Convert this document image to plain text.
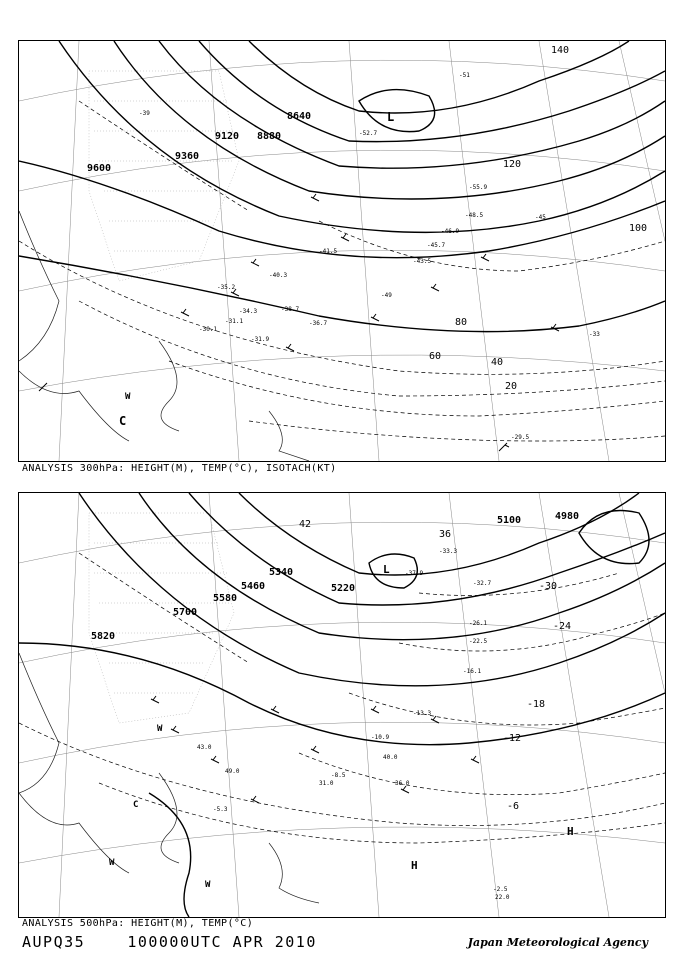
9600
9360
9120 8880
8640
20
40
60
80
100
120
140
-29.5
-30.1
-31.1
-31.9
-33
-34.3
-35.2
-36.7
-38.7
-39
-40.3
-41.5
-43.5
-45
-45.7
-46.9
-48.5
-49
-51
-52.7
-55.9
L
C
W
ANALYSIS 300hPa: HEIGHT(M), TEMP(°C), ISOTACH(KT)
5820
5700
5580
5460
5340
5220
5100	4980
42
36
-30
-24
-18
-12
-6
-2.5
-5.3
-8.5
-10.9
-13.3
-16.1
-22.5
-26.1
-32.7
-33.3
-37.9
22.0
31.0	36.0
40.0
43.0
49.0
L
H
H
W
W
W
C
ANALYSIS 500hPa: HEIGHT(M), TEMP(°C)
AUPQ35	100000UTC APR 2010	Japan Meteorological Agency
